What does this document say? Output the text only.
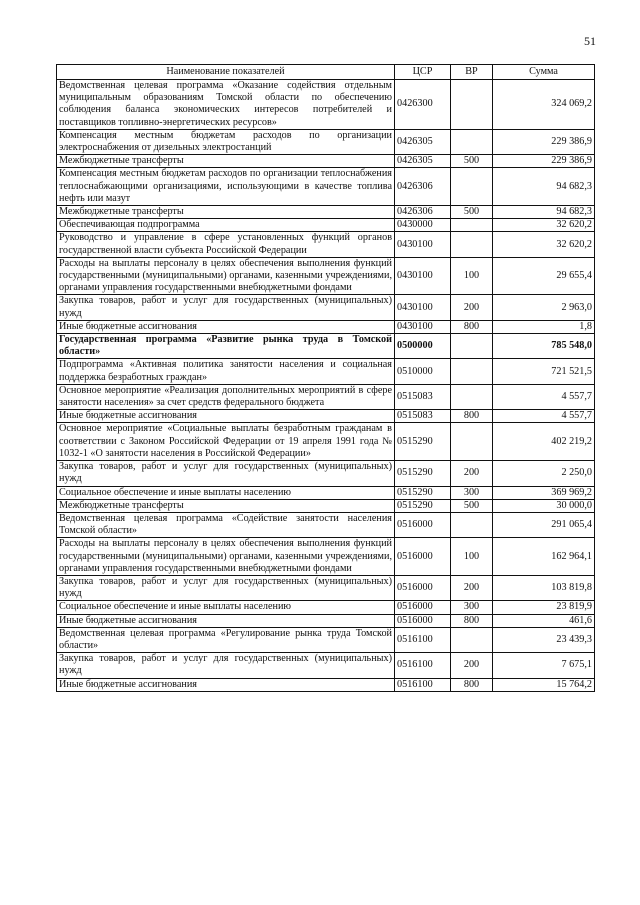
51
Наименование показателей	ЦСР	ВР	Сумма
Ведомственная целевая программа «Оказание содействия отдельным муниципальным образованиям Томской области по обеспечению соблюдения баланса экономических интересов потребителей и поставщиков топливно-энергетических ресурсов»	0426300		324 069,2
Компенсация местным бюджетам расходов по организации электроснабжения от дизельных электростанций	0426305		229 386,9
Межбюджетные трансферты	0426305	500	229 386,9
Компенсация местным бюджетам расходов по организации теплоснабжения теплоснабжающими организациями, использующими в качестве топлива нефть или мазут	0426306		94 682,3
Межбюджетные трансферты	0426306	500	94 682,3
Обеспечивающая подпрограмма	0430000		32 620,2
Руководство и управление в сфере установленных функций органов государственной власти субъекта Российской Федерации	0430100		32 620,2
Расходы на выплаты персоналу в целях обеспечения выполнения функций государственными (муниципальными) органами, казенными учреждениями, органами управления государственными внебюджетными фондами	0430100	100	29 655,4
Закупка товаров, работ и услуг для государственных (муниципальных) нужд	0430100	200	2 963,0
Иные бюджетные ассигнования	0430100	800	1,8
Государственная программа «Развитие рынка труда в Томской области»	0500000		785 548,0
Подпрограмма «Активная политика занятости населения и социальная поддержка безработных граждан»	0510000		721 521,5
Основное мероприятие «Реализация дополнительных мероприятий в сфере занятости населения» за счет средств федерального бюджета	0515083		4 557,7
Иные бюджетные ассигнования	0515083	800	4 557,7
Основное мероприятие «Социальные выплаты безработным гражданам в соответствии с Законом Российской Федерации от 19 апреля 1991 года № 1032-1 «О занятости населения в Российской Федерации»	0515290		402 219,2
Закупка товаров, работ и услуг для государственных (муниципальных) нужд	0515290	200	2 250,0
Социальное обеспечение и иные выплаты населению	0515290	300	369 969,2
Межбюджетные трансферты	0515290	500	30 000,0
Ведомственная целевая программа «Содействие занятости населения Томской области»	0516000		291 065,4
Расходы на выплаты персоналу в целях обеспечения выполнения функций государственными (муниципальными) органами, казенными учреждениями, органами управления государственными внебюджетными фондами	0516000	100	162 964,1
Закупка товаров, работ и услуг для государственных (муниципальных) нужд	0516000	200	103 819,8
Социальное обеспечение и иные выплаты населению	0516000	300	23 819,9
Иные бюджетные ассигнования	0516000	800	461,6
Ведомственная целевая программа «Регулирование рынка труда Томской области»	0516100		23 439,3
Закупка товаров, работ и услуг для государственных (муниципальных) нужд	0516100	200	7 675,1
Иные бюджетные ассигнования	0516100	800	15 764,2
